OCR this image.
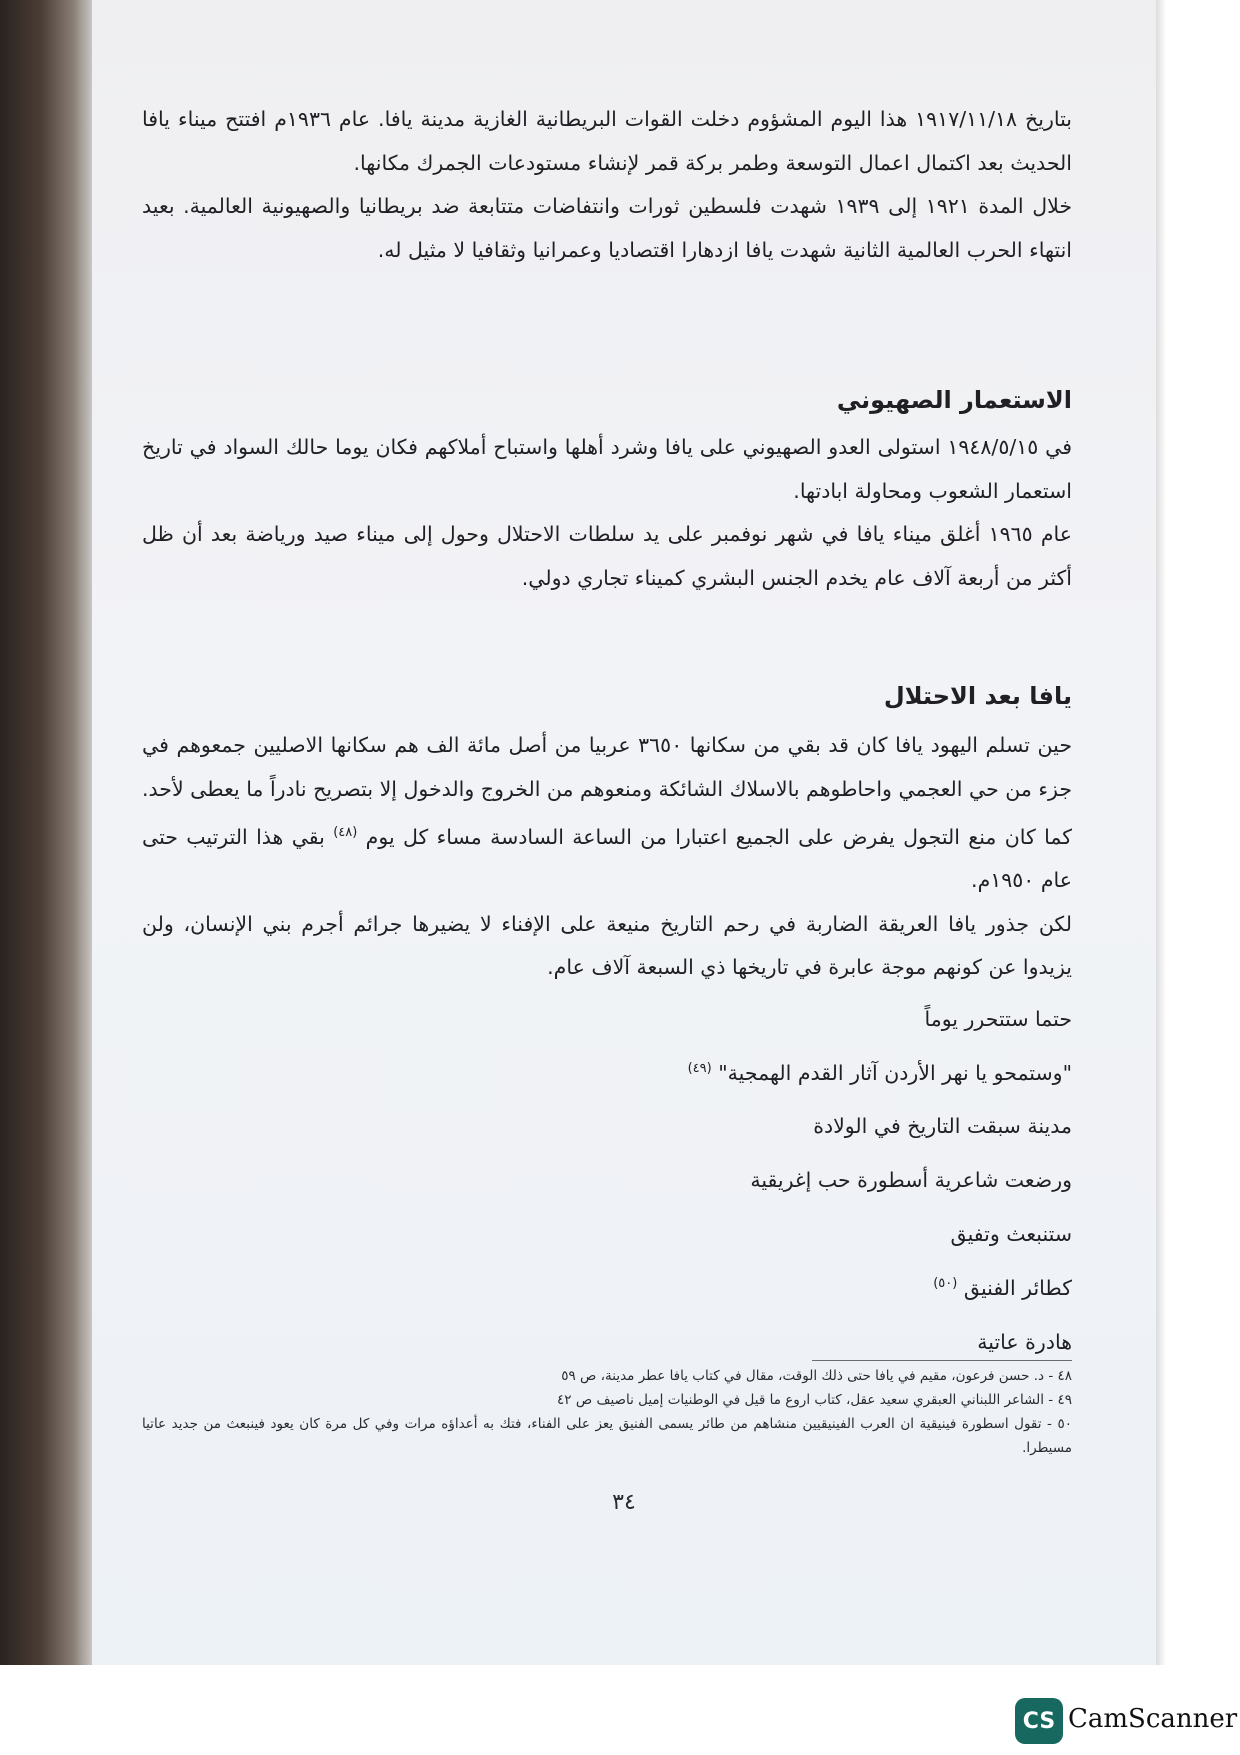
بتاريخ ١٩١٧/١١/١٨ هذا اليوم المشؤوم دخلت القوات البريطانية الغازية مدينة يافا. عام ١٩٣٦م افتتح ميناء يافا الحديث بعد اكتمال اعمال التوسعة وطمر بركة قمر لإنشاء مستودعات الجمرك مكانها.

خلال المدة ١٩٢١ إلى ١٩٣٩ شهدت فلسطين ثورات وانتفاضات متتابعة ضد بريطانيا والصهيونية العالمية. بعيد انتهاء الحرب العالمية الثانية شهدت يافا ازدهارا اقتصاديا وعمرانيا وثقافيا لا مثيل له.

الاستعمار الصهيوني

في ١٩٤٨/٥/١٥ استولى العدو الصهيوني على يافا وشرد أهلها واستباح أملاكهم فكان يوما حالك السواد في تاريخ استعمار الشعوب ومحاولة ابادتها.

عام ١٩٦٥ أغلق ميناء يافا في شهر نوفمبر على يد سلطات الاحتلال وحول إلى ميناء صيد ورياضة بعد أن ظل أكثر من أربعة آلاف عام يخدم الجنس البشري كميناء تجاري دولي.

يافا بعد الاحتلال

حين تسلم اليهود يافا كان قد بقي من سكانها ٣٦٥٠ عربيا من أصل مائة الف هم سكانها الاصليين جمعوهم في جزء من حي العجمي واحاطوهم بالاسلاك الشائكة ومنعوهم من الخروج والدخول إلا بتصريح نادراً ما يعطى لأحد. كما كان منع التجول يفرض على الجميع اعتبارا من الساعة السادسة مساء كل يوم $^{(٤٨)}$ بقي هذا الترتيب حتى عام ١٩٥٠م.

لكن جذور يافا العريقة الضاربة في رحم التاريخ منيعة على الإفناء لا يضيرها جرائم أجرم بني الإنسان، ولن يزيدوا عن كونهم موجة عابرة في تاريخها ذي السبعة آلاف عام.

حتما ستتحرر يوماً

"وستمحو يا نهر الأردن آثار القدم الهمجية" $^{(٤٩)}$

مدينة سبقت التاريخ في الولادة

ورضعت شاعرية أسطورة حب إغريقية

ستنبعث وتفيق

كطائر الفنيق $^{(٥٠)}$

هادرة عاتية

٤٨ - د. حسن فرعون، مقيم في يافا حتى ذلك الوقت، مقال في كتاب يافا عطر مدينة، ص ٥٩

٤٩ - الشاعر اللبناني العبقري سعيد عقل، كتاب اروع ما قيل في الوطنيات إميل ناصيف ص ٤٢

٥٠ - تقول اسطورة فينيقية ان العرب الفينيقيين منشاهم من طائر يسمى الفنيق يعز على الفناء، فتك به أعداؤه مرات وفي كل مرة كان يعود فينبعث من جديد عاتيا مسيطرا.

٣٤
CS CamScanner
